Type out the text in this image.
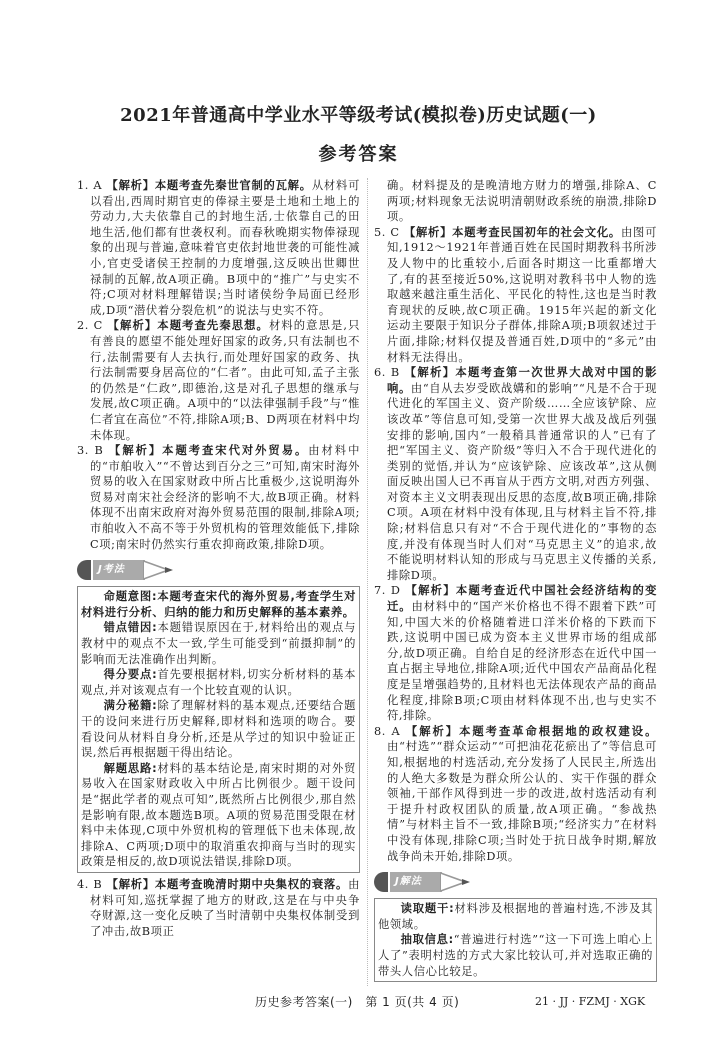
2021年普通高中学业水平等级考试(模拟卷)历史试题(一)
参考答案

1. A 【解析】本题考查先秦世官制的瓦解。从材料可以看出,西周时期官吏的俸禄主要是土地和土地上的劳动力,大夫依靠自己的封地生活,士依靠自己的田地生活,他们都有世袭权利。而春秋晚期实物俸禄现象的出现与普遍,意味着官吏依封地世袭的可能性减小,官吏受诸侯王控制的力度增强,这反映出世卿世禄制的瓦解,故A项正确。B项中的“推广”与史实不符;C项对材料理解错误;当时诸侯纷争局面已经形成,D项“潜伏着分裂危机”的说法与史实不符。

2. C 【解析】本题考查先秦思想。材料的意思是,只有善良的愿望不能处理好国家的政务,只有法制也不行,法制需要有人去执行,而处理好国家的政务、执行法制需要身居高位的“仁者”。由此可知,孟子主张的仍然是“仁政”,即德治,这是对孔子思想的继承与发展,故C项正确。A项中的“以法律强制手段”与“惟仁者宜在高位”不符,排除A项;B、D两项在材料中均未体现。

3. B 【解析】本题考查宋代对外贸易。由材料中的“市舶收入”“不曾达到百分之三”可知,南宋时海外贸易的收入在国家财政中所占比重极少,这说明海外贸易对南宋社会经济的影响不大,故B项正确。材料体现不出南宋政府对海外贸易范围的限制,排除A项;市舶收入不高不等于外贸机构的管理效能低下,排除C项;南宋时仍然实行重农抑商政策,排除D项。

J考法

命题意图:本题考查宋代的海外贸易,考查学生对材料进行分析、归纳的能力和历史解释的基本素养。

错点错因:本题错误原因在于,材料给出的观点与教材中的观点不太一致,学生可能受到“前摄抑制”的影响而无法准确作出判断。

得分要点:首先要根据材料,切实分析材料的基本观点,并对该观点有一个比较直观的认识。

满分秘籍:除了理解材料的基本观点,还要结合题干的设问来进行历史解释,即材料和选项的吻合。要看设问从材料自身分析,还是从学过的知识中验证正误,然后再根据题干得出结论。

解题思路:材料的基本结论是,南宋时期的对外贸易收入在国家财政收入中所占比例很少。题干设问是“据此学者的观点可知”,既然所占比例很少,那自然是影响有限,故本题选B项。A项的贸易范围受限在材料中未体现,C项中外贸机构的管理低下也未体现,故排除A、C两项;D项中的取消重农抑商与当时的现实政策是相反的,故D项说法错误,排除D项。

4. B 【解析】本题考查晚清时期中央集权的衰落。由材料可知,巡抚掌握了地方的财政,这是在与中央争夺财源,这一变化反映了当时清朝中央集权体制受到了冲击,故B项正

确。材料提及的是晚清地方财力的增强,排除A、C两项;材料现象无法说明清朝财政系统的崩溃,排除D项。

5. C 【解析】本题考查民国初年的社会文化。由图可知,1912～1921年普通百姓在民国时期教科书所涉及人物中的比重较小,后面各时期这一比重都增大了,有的甚至接近50%,这说明对教科书中人物的选取越来越注重生活化、平民化的特性,这也是当时教育现状的反映,故C项正确。1915年兴起的新文化运动主要限于知识分子群体,排除A项;B项叙述过于片面,排除;材料仅提及普通百姓,D项中的“多元”由材料无法得出。

6. B 【解析】本题考查第一次世界大战对中国的影响。由“自从去岁受欧战媾和的影响”“凡是不合于现代进化的军国主义、资产阶级……全应该铲除、应该改革”等信息可知,受第一次世界大战及战后列强安排的影响,国内“一般稍具普通常识的人”已有了把“军国主义、资产阶级”等归入不合于现代进化的类别的觉悟,并认为“应该铲除、应该改革”,这从侧面反映出国人已不再盲从于西方文明,对西方列强、对资本主义文明表现出反思的态度,故B项正确,排除C项。A项在材料中没有体现,且与材料主旨不符,排除;材料信息只有对“不合于现代进化的”事物的态度,并没有体现当时人们对“马克思主义”的追求,故不能说明材料认知的形成与马克思主义传播的关系,排除D项。

7. D 【解析】本题考查近代中国社会经济结构的变迁。由材料中的“国产米价格也不得不跟着下跌”可知,中国大米的价格随着进口洋米价格的下跌而下跌,这说明中国已成为资本主义世界市场的组成部分,故D项正确。自给自足的经济形态在近代中国一直占据主导地位,排除A项;近代中国农产品商品化程度是呈增强趋势的,且材料也无法体现农产品的商品化程度,排除B项;C项由材料体现不出,也与史实不符,排除。

8. A 【解析】本题考查革命根据地的政权建设。由“村选”“群众运动”“可把油花花瘀出了”等信息可知,根据地的村选活动,充分发扬了人民民主,所选出的人绝大多数是为群众所公认的、实干作强的群众领袖,干部作风得到进一步的改进,故村选活动有利于提升村政权团队的质量,故A项正确。“参战热情”与材料主旨不一致,排除B项;“经济实力”在材料中没有体现,排除C项;当时处于抗日战争时期,解放战争尚未开始,排除D项。

J解法

读取题干:材料涉及根据地的普遍村选,不涉及其他领域。

抽取信息:“普遍进行村选”“这一下可选上咱心上人了”表明村选的方式大家比较认可,并对选取正确的带头人信心比较足。

历史参考答案(一)　第 1 页(共 4 页)	21 · JJ · FZMJ · XGK
